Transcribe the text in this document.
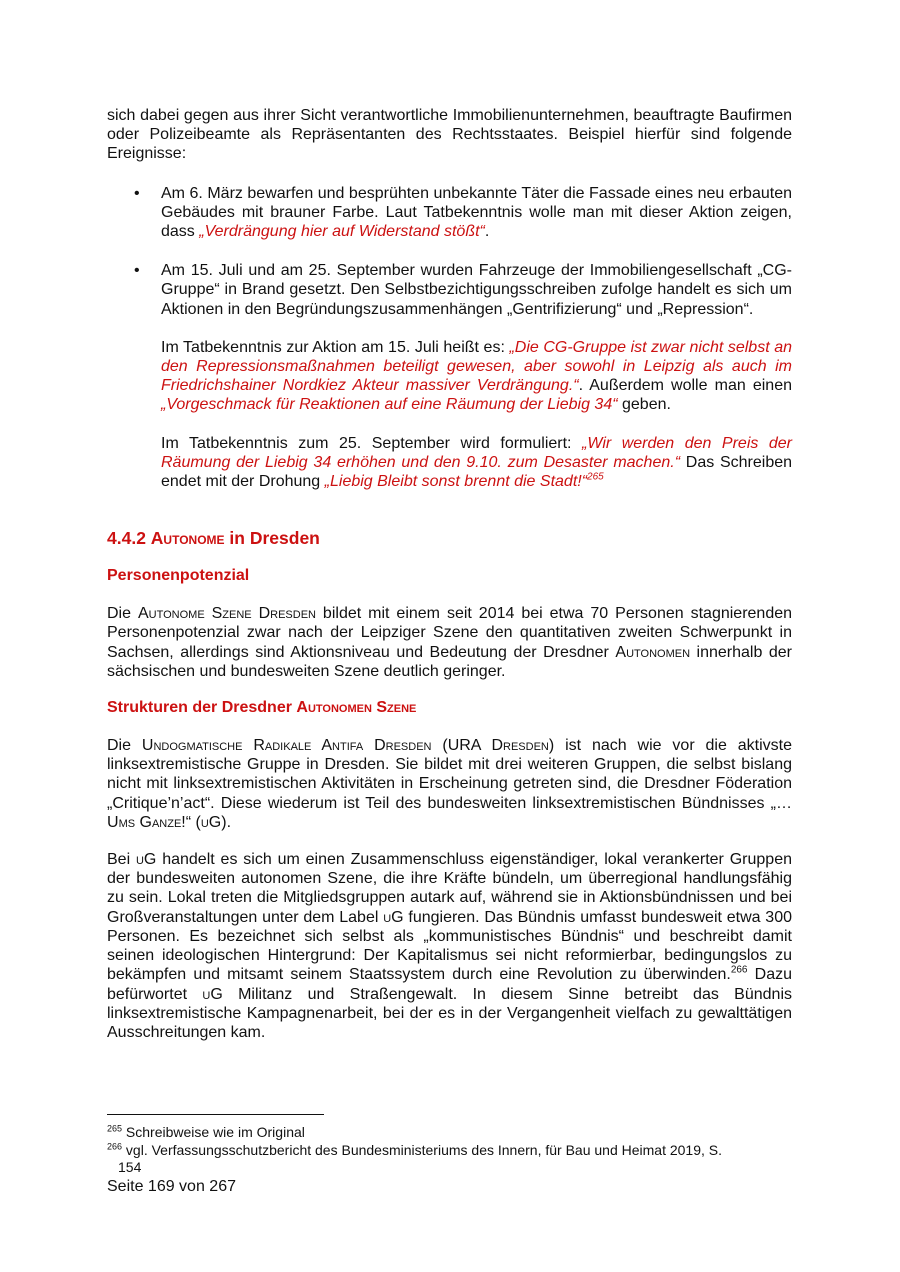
sich dabei gegen aus ihrer Sicht verantwortliche Immobilienunternehmen, beauftragte Baufirmen oder Polizeibeamte als Repräsentanten des Rechtsstaates. Beispiel hierfür sind folgende Ereignisse:

• Am 6. März bewarfen und besprühten unbekannte Täter die Fassade eines neu erbauten Gebäudes mit brauner Farbe. Laut Tatbekenntnis wolle man mit dieser Aktion zeigen, dass „Verdrängung hier auf Widerstand stößt“.

• Am 15. Juli und am 25. September wurden Fahrzeuge der Immobiliengesellschaft „CG-Gruppe“ in Brand gesetzt. Den Selbstbezichtigungsschreiben zufolge handelt es sich um Aktionen in den Begründungszusammenhängen „Gentrifizierung“ und „Repression“.

Im Tatbekenntnis zur Aktion am 15. Juli heißt es: „Die CG-Gruppe ist zwar nicht selbst an den Repressionsmaßnahmen beteiligt gewesen, aber sowohl in Leipzig als auch im Friedrichshainer Nordkiez Akteur massiver Verdrängung.“. Außerdem wolle man einen „Vorgeschmack für Reaktionen auf eine Räumung der Liebig 34“ geben.

Im Tatbekenntnis zum 25. September wird formuliert: „Wir werden den Preis der Räumung der Liebig 34 erhöhen und den 9.10. zum Desaster machen.“ Das Schreiben endet mit der Drohung „Liebig Bleibt sonst brennt die Stadt!“$^{265}$

4.4.2 Autonome in Dresden
Personenpotenzial

Die Autonome Szene Dresden bildet mit einem seit 2014 bei etwa 70 Personen stagnierenden Personenpotenzial zwar nach der Leipziger Szene den quantitativen zweiten Schwerpunkt in Sachsen, allerdings sind Aktionsniveau und Bedeutung der Dresdner Autonomen innerhalb der sächsischen und bundesweiten Szene deutlich geringer.

Strukturen der Dresdner Autonomen Szene

Die Undogmatische Radikale Antifa Dresden (URA Dresden) ist nach wie vor die aktivste linksextremistische Gruppe in Dresden. Sie bildet mit drei weiteren Gruppen, die selbst bislang nicht mit linksextremistischen Aktivitäten in Erscheinung getreten sind, die Dresdner Föderation „Critique’n’act“. Diese wiederum ist Teil des bundesweiten linksextremistischen Bündnisses „… Ums Ganze!“ (uG).

Bei uG handelt es sich um einen Zusammenschluss eigenständiger, lokal verankerter Gruppen der bundesweiten autonomen Szene, die ihre Kräfte bündeln, um überregional handlungsfähig zu sein. Lokal treten die Mitgliedsgruppen autark auf, während sie in Aktionsbündnissen und bei Großveranstaltungen unter dem Label uG fungieren. Das Bündnis umfasst bundesweit etwa 300 Personen. Es bezeichnet sich selbst als „kommunistisches Bündnis“ und beschreibt damit seinen ideologischen Hintergrund: Der Kapitalismus sei nicht reformierbar, bedingungslos zu bekämpfen und mitsamt seinem Staatssystem durch eine Revolution zu überwinden.$^{266}$ Dazu befürwortet uG Militanz und Straßengewalt. In diesem Sinne betreibt das Bündnis linksextremistische Kampagnenarbeit, bei der es in der Vergangenheit vielfach zu gewalttätigen Ausschreitungen kam.

$^{265}$ Schreibweise wie im Original
$^{266}$ vgl. Verfassungsschutzbericht des Bundesministeriums des Innern, für Bau und Heimat 2019, S.
154
Seite 169 von 267
